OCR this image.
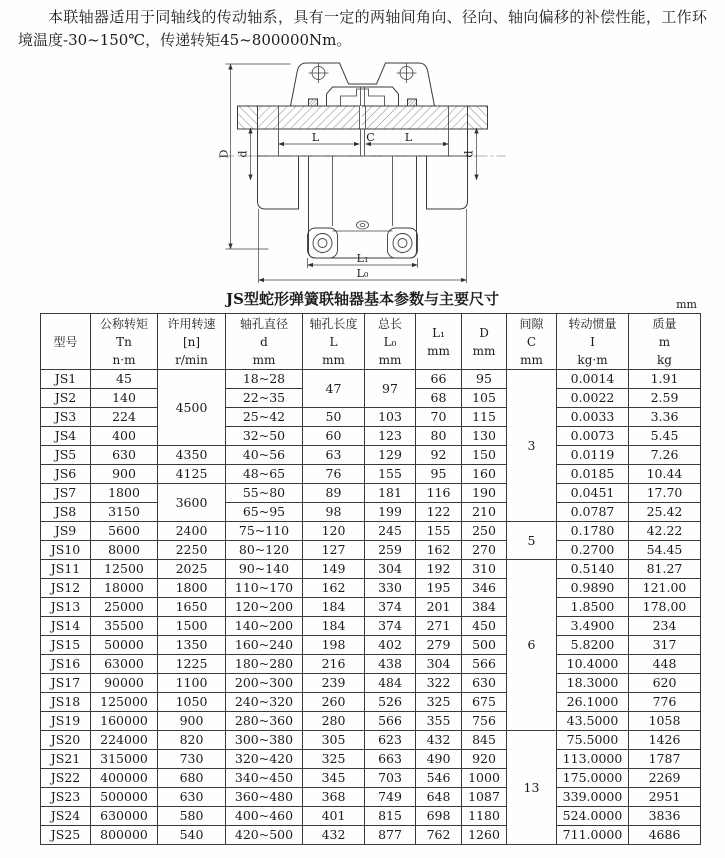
本联轴器适用于同轴线的传动轴系，具有一定的两轴间角向、径向、轴向偏移的补偿性能，工作环境温度-30~150℃，传递转矩45~800000Nm。

L	C	L
L₁
L₀
D d	d
JS型蛇形弹簧联轴器基本参数与主要尺寸	mm
型号	公称转矩
Tn
n·m	许用转速
[n]
r/min	轴孔直径
d
mm	轴孔长度
L
mm	总长
L₀
mm	L₁
mm	D
mm	间隙
C
mm	转动惯量
I
kg·m	质量
m
kg
JS1	45	4500	18~28	47	97	66	95	3	0.0014	1.91
JS2	140		22~35			68	105		0.0022	2.59
JS3	224		25~42	50	103	70	115		0.0033	3.36
JS4	400		32~50	60	123	80	130		0.0073	5.45
JS5	630	4350	40~56	63	129	92	150		0.0119	7.26
JS6	900	4125	48~65	76	155	95	160		0.0185	10.44
JS7	1800	3600	55~80	89	181	116	190		0.0451	17.70
JS8	3150		65~95	98	199	122	210		0.0787	25.42
JS9	5600	2400	75~110	120	245	155	250	5	0.1780	42.22
JS10	8000	2250	80~120	127	259	162	270		0.2700	54.45
JS11	12500	2025	90~140	149	304	192	310	6	0.5140	81.27
JS12	18000	1800	110~170	162	330	195	346		0.9890	121.00
JS13	25000	1650	120~200	184	374	201	384		1.8500	178.00
JS14	35500	1500	140~200	184	374	271	450		3.4900	234
JS15	50000	1350	160~240	198	402	279	500		5.8200	317
JS16	63000	1225	180~280	216	438	304	566		10.4000	448
JS17	90000	1100	200~300	239	484	322	630		18.3000	620
JS18	125000	1050	240~320	260	526	325	675		26.1000	776
JS19	160000	900	280~360	280	566	355	756		43.5000	1058
JS20	224000	820	300~380	305	623	432	845	13	75.5000	1426
JS21	315000	730	320~420	325	663	490	920		113.0000	1787
JS22	400000	680	340~450	345	703	546	1000		175.0000	2269
JS23	500000	630	360~480	368	749	648	1087		339.0000	2951
JS24	630000	580	400~460	401	815	698	1180		524.0000	3836
JS25	800000	540	420~500	432	877	762	1260		711.0000	4686
